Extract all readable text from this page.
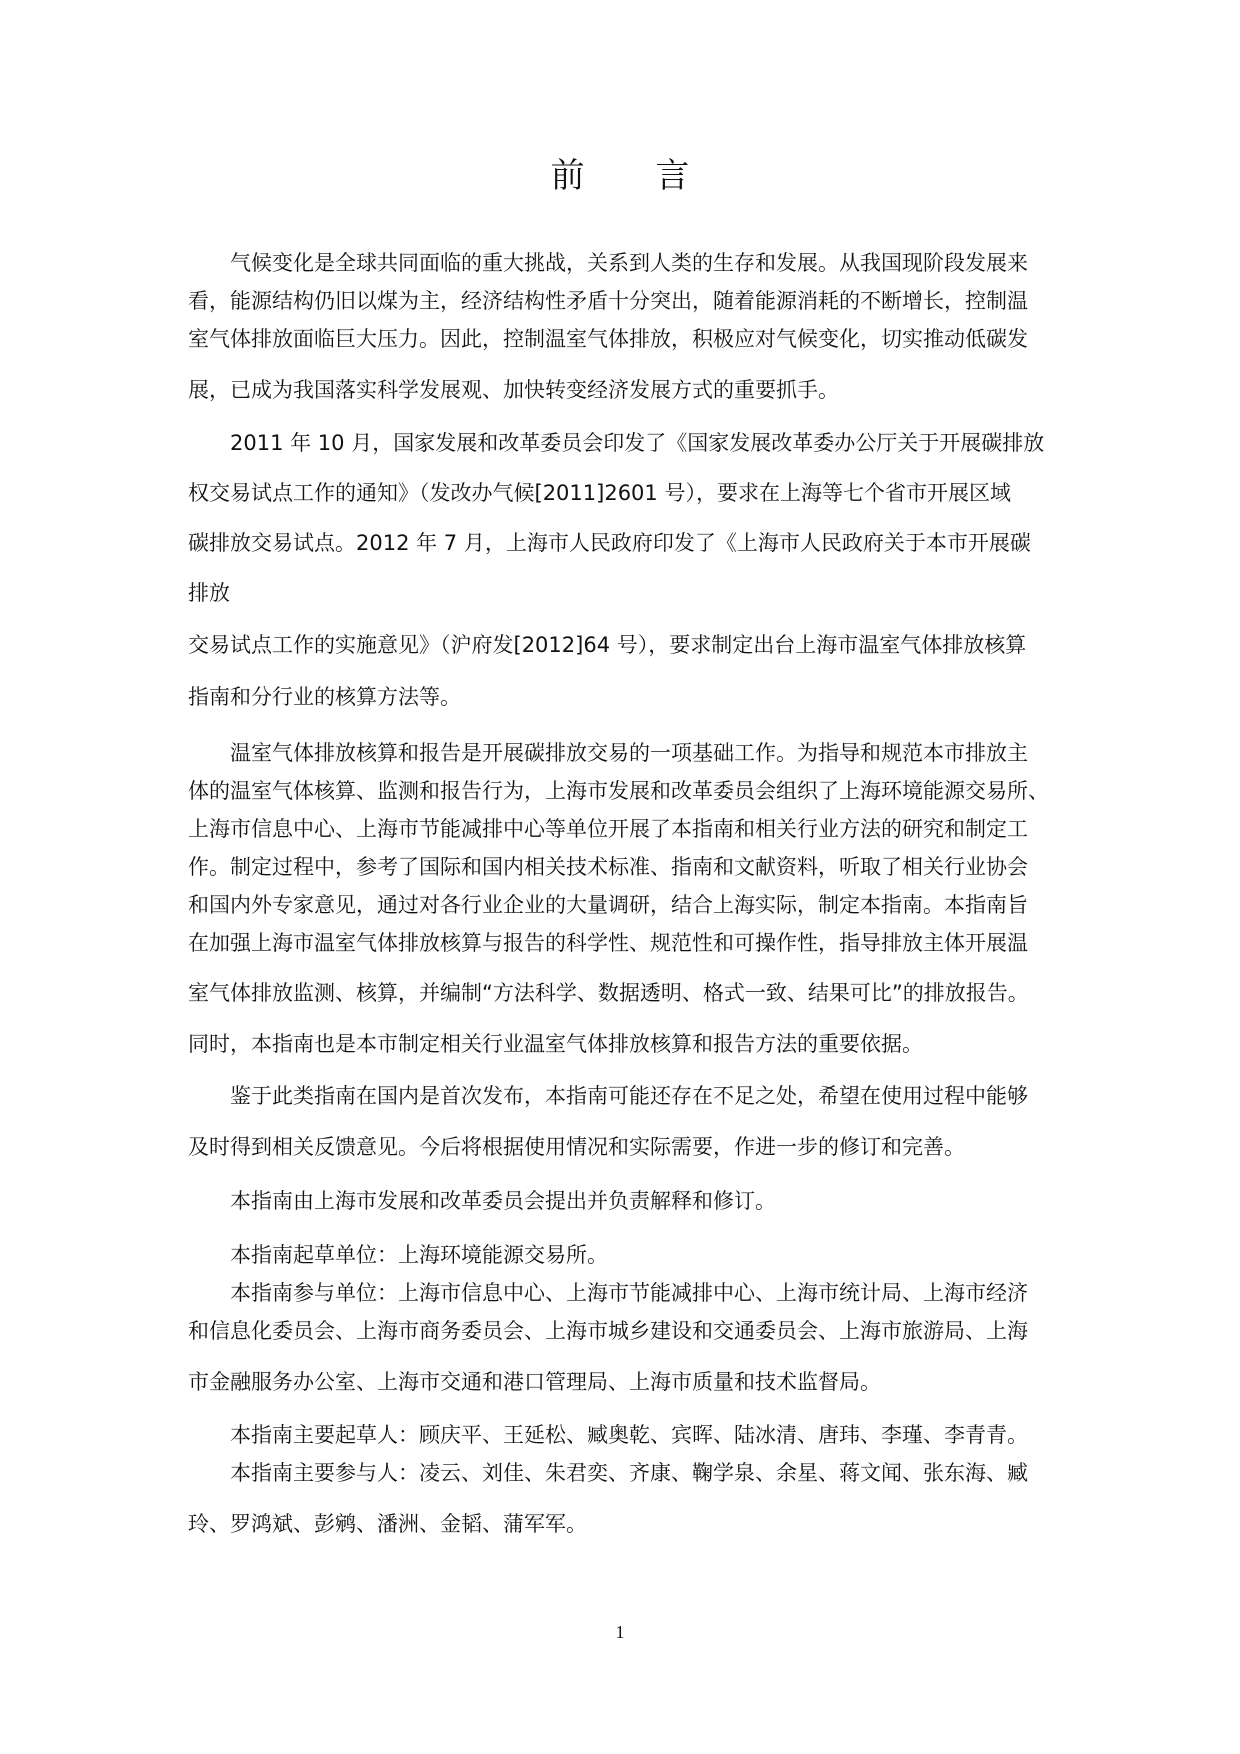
前 言
气候变化是全球共同面临的重大挑战，关系到人类的生存和发展。从我国现阶段发展来
看，能源结构仍旧以煤为主，经济结构性矛盾十分突出，随着能源消耗的不断增长，控制温
室气体排放面临巨大压力。因此，控制温室气体排放，积极应对气候变化，切实推动低碳发
展，已成为我国落实科学发展观、加快转变经济发展方式的重要抓手。
2011 年 10 月，国家发展和改革委员会印发了《国家发展改革委办公厅关于开展碳排放
权交易试点工作的通知》（发改办气候[2011]2601 号），要求在上海等七个省市开展区域
碳排放交易试点。2012 年 7 月，上海市人民政府印发了《上海市人民政府关于本市开展碳
排放
交易试点工作的实施意见》（沪府发[2012]64 号），要求制定出台上海市温室气体排放核算
指南和分行业的核算方法等。
温室气体排放核算和报告是开展碳排放交易的一项基础工作。为指导和规范本市排放主
体的温室气体核算、监测和报告行为，上海市发展和改革委员会组织了上海环境能源交易所、
上海市信息中心、上海市节能减排中心等单位开展了本指南和相关行业方法的研究和制定工
作。制定过程中，参考了国际和国内相关技术标准、指南和文献资料，听取了相关行业协会
和国内外专家意见，通过对各行业企业的大量调研，结合上海实际，制定本指南。本指南旨
在加强上海市温室气体排放核算与报告的科学性、规范性和可操作性，指导排放主体开展温
室气体排放监测、核算，并编制“方法科学、数据透明、格式一致、结果可比”的排放报告。
同时，本指南也是本市制定相关行业温室气体排放核算和报告方法的重要依据。
鉴于此类指南在国内是首次发布，本指南可能还存在不足之处，希望在使用过程中能够
及时得到相关反馈意见。今后将根据使用情况和实际需要，作进一步的修订和完善。
本指南由上海市发展和改革委员会提出并负责解释和修订。
本指南起草单位：上海环境能源交易所。
本指南参与单位：上海市信息中心、上海市节能减排中心、上海市统计局、上海市经济
和信息化委员会、上海市商务委员会、上海市城乡建设和交通委员会、上海市旅游局、上海
市金融服务办公室、上海市交通和港口管理局、上海市质量和技术监督局。
本指南主要起草人：顾庆平、王延松、臧奥乾、宾晖、陆冰清、唐玮、李瑾、李青青。
本指南主要参与人：凌云、刘佳、朱君奕、齐康、鞠学泉、余星、蒋文闻、张东海、臧
玲、罗鸿斌、彭鹓、潘洲、金韬、蒲军军。
1
